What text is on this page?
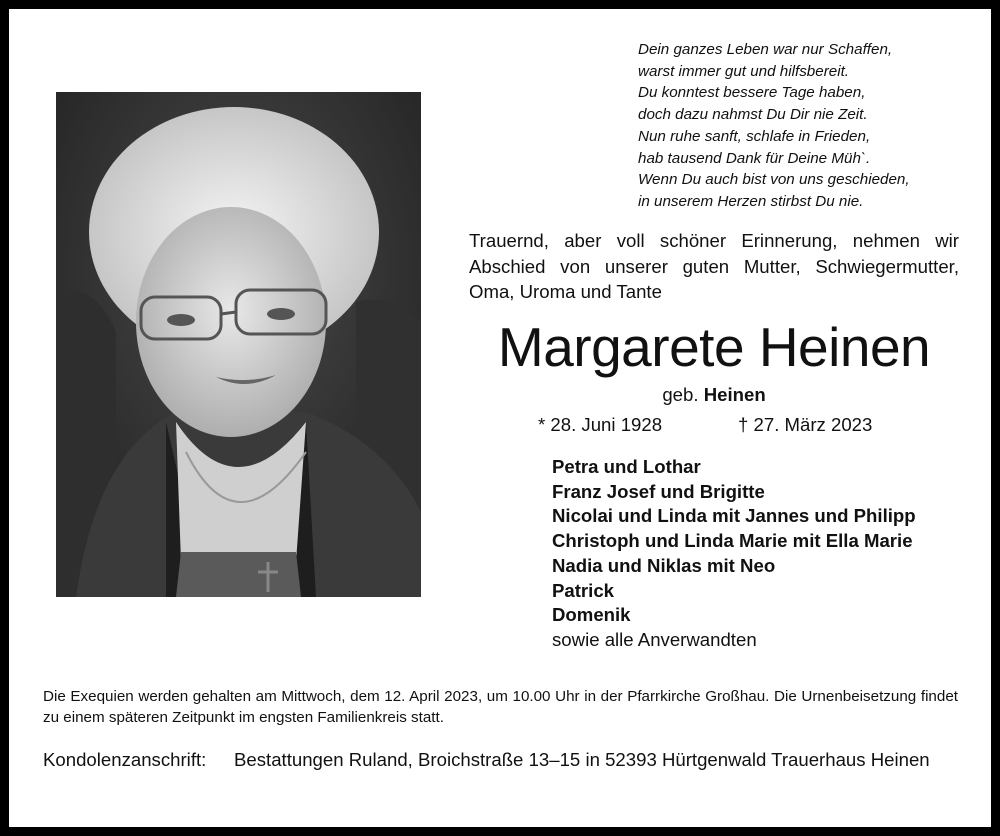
Dein ganzes Leben war nur Schaffen,
warst immer gut und hilfsbereit.
Du konntest bessere Tage haben,
doch dazu nahmst Du Dir nie Zeit.
Nun ruhe sanft, schlafe in Frieden,
hab tausend Dank für Deine Müh`.
Wenn Du auch bist von uns geschieden,
in unserem Herzen stirbst Du nie.
Trauernd, aber voll schöner Erinnerung, nehmen wir Abschied von unserer guten Mutter, Schwiegermutter, Oma, Uroma und Tante
Margarete Heinen
geb. Heinen
* 28. Juni 1928	† 27. März 2023
Petra und Lothar
Franz Josef und Brigitte
Nicolai und Linda mit Jannes und Philipp
Christoph und Linda Marie mit Ella Marie
Nadia und Niklas mit Neo
Patrick
Domenik
sowie alle Anverwandten
Die Exequien werden gehalten am Mittwoch, dem 12. April 2023, um 10.00 Uhr in der Pfarrkirche Großhau. Die Urnenbeisetzung findet zu einem späteren Zeitpunkt im engsten Familienkreis statt.
Kondolenzanschrift: Bestattungen Ruland, Broichstraße 13–15 in 52393 Hürtgenwald Trauerhaus Heinen
